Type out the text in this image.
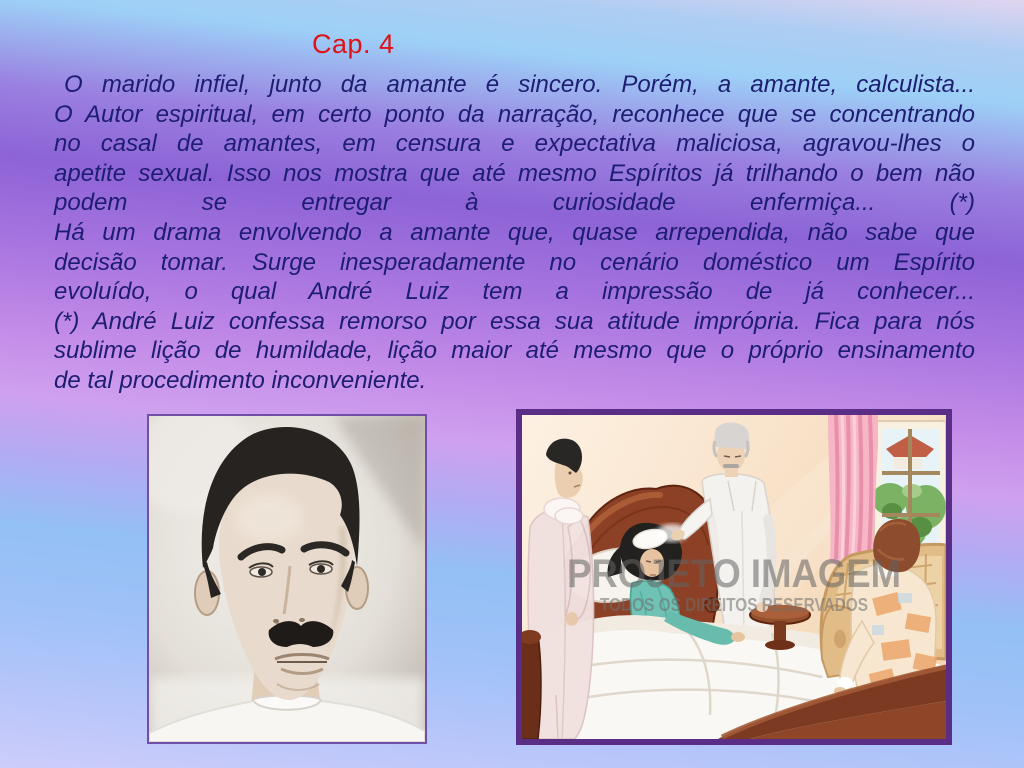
Cap. 4
O marido infiel, junto da amante é sincero. Porém, a amante, calculista...
O Autor espiritual, em certo ponto da narração, reconhece que se concentrando
no casal de amantes, em censura e expectativa maliciosa, agravou-lhes o
apetite sexual. Isso nos mostra que até mesmo Espíritos já trilhando o bem não
podem se entregar à curiosidade enfermiça... (*)
Há um drama envolvendo a amante que, quase arrependida, não sabe que
decisão tomar. Surge inesperadamente no cenário doméstico um Espírito
evoluído, o qual André Luiz tem a impressão de já conhecer...
(*) André Luiz confessa remorso por essa sua atitude imprópria. Fica para nós
sublime lição de humildade, lição maior até mesmo que o próprio ensinamento
de tal procedimento inconveniente.
PROJETO IMAGEM
TODOS OS DIREITOS RESERVADOS
